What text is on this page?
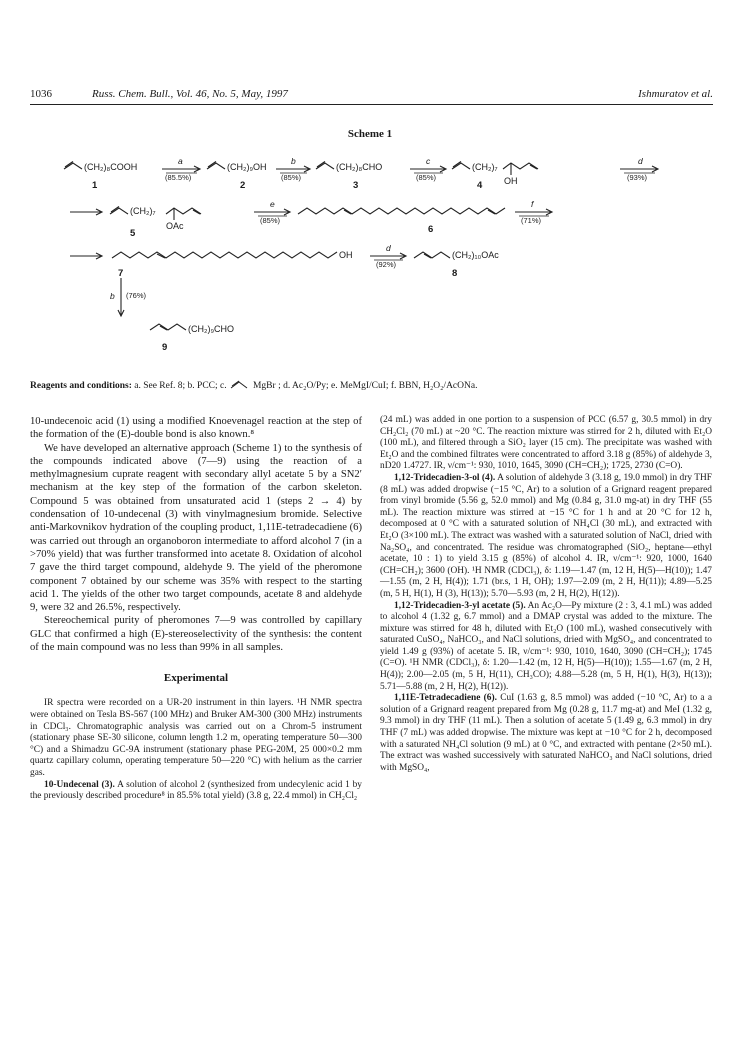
1036	Russ. Chem. Bull., Vol. 46, No. 5, May, 1997	Ishmuratov et al.
Scheme 1
(CH₂)₈COOH
1
a
(85.5%)
(CH₂)₉OH
2
b
(85%)
(CH₂)₈CHO
3
c
(85%)
(CH₂)₇
OH
4
d
(93%)
(CH₂)₇
OAc
5
e
(85%)
6
f
(71%)
OH
7
d
(92%)
(CH₂)₁₀OAc
8
b (76%)
(CH₂)₉CHO
9
Reagents and conditions: a. See Ref. 8; b. PCC; c.	MgBr ; d. Ac₂O/Py; e. MeMgI/CuI; f. BBN, H₂O₂/AcONa.

10-undecenoic acid (1) using a modified Knoevenagel reaction at the step of the formation of the (E)-double bond is also known.⁸

We have developed an alternative approach (Scheme 1) to the synthesis of the compounds indicated above (7—9) using the reaction of a methylmagnesium cuprate reagent with secondary allyl acetate 5 by a SN2′ mechanism at the key step of the formation of the carbon skeleton. Compound 5 was obtained from unsaturated acid 1 (steps 2 → 4) by condensation of 10-undecenal (3) with vinylmagnesium bromide. Selective anti-Markovnikov hydration of the coupling product, 1,11E-tetradecadiene (6) was carried out through an organoboron intermediate to afford alcohol 7 (in a >70% yield) that was further transformed into acetate 8. Oxidation of alcohol 7 gave the third target compound, aldehyde 9. The yield of the pheromone component 7 obtained by our scheme was 35% with respect to the starting acid 1. The yields of the other two target compounds, acetate 8 and aldehyde 9, were 32 and 26.5%, respectively.

Stereochemical purity of pheromones 7—9 was controlled by capillary GLC that confirmed a high (E)-stereoselectivity of the synthesis: the content of the main compound was no less than 99% in all samples.

Experimental

IR spectra were recorded on a UR-20 instrument in thin layers. ¹H NMR spectra were obtained on Tesla BS-567 (100 MHz) and Bruker AM-300 (300 MHz) instruments in CDCl₃. Chromatographic analysis was carried out on a Chrom-5 instrument (stationary phase SE-30 silicone, column length 1.2 m, operating temperature 50—300 °C) and a Shimadzu GC-9A instrument (stationary phase PEG-20M, 25 000×0.2 mm quartz capillary column, operating temperature 50—220 °C) with helium as the carrier gas.

10-Undecenal (3). A solution of alcohol 2 (synthesized from undecylenic acid 1 by the previously described procedure⁸ in 85.5% total yield) (3.8 g, 22.4 mmol) in CH₂Cl₂

(24 mL) was added in one portion to a suspension of PCC (6.57 g, 30.5 mmol) in dry CH₂Cl₂ (70 mL) at ~20 °C. The reaction mixture was stirred for 2 h, diluted with Et₂O (100 mL), and filtered through a SiO₂ layer (15 cm). The precipitate was washed with Et₂O and the combined filtrates were concentrated to afford 3.18 g (85%) of aldehyde 3, nD20 1.4727. IR, ν/cm⁻¹: 930, 1010, 1645, 3090 (CH=CH₂); 1725, 2730 (C=O).

1,12-Tridecadien-3-ol (4). A solution of aldehyde 3 (3.18 g, 19.0 mmol) in dry THF (8 mL) was added dropwise (−15 °C, Ar) to a solution of a Grignard reagent prepared from vinyl bromide (5.56 g, 52.0 mmol) and Mg (0.84 g, 31.0 mg-at) in dry THF (55 mL). The reaction mixture was stirred at −15 °C for 1 h and at 20 °C for 12 h, decomposed at 0 °C with a saturated solution of NH₄Cl (30 mL), and extracted with Et₂O (3×100 mL). The extract was washed with a saturated solution of NaCl, dried with Na₂SO₄, and concentrated. The residue was chromatographed (SiO₂, heptane—ethyl acetate, 10 : 1) to yield 3.15 g (85%) of alcohol 4. IR, ν/cm⁻¹: 920, 1000, 1640 (CH=CH₂); 3600 (OH). ¹H NMR (CDCl₃), δ: 1.19—1.47 (m, 12 H, H(5)—H(10)); 1.47—1.55 (m, 2 H, H(4)); 1.71 (br.s, 1 H, OH); 1.97—2.09 (m, 2 H, H(11)); 4.89—5.25 (m, 5 H, H(1), H (3), H(13)); 5.70—5.93 (m, 2 H, H(2), H(12)).

1,12-Tridecadien-3-yl acetate (5). An Ac₂O—Py mixture (2 : 3, 4.1 mL) was added to alcohol 4 (1.32 g, 6.7 mmol) and a DMAP crystal was added to the mixture. The mixture was stirred for 48 h, diluted with Et₂O (100 mL), washed consecutively with saturated CuSO₄, NaHCO₃, and NaCl solutions, dried with MgSO₄, and concentrated to yield 1.49 g (93%) of acetate 5. IR, ν/cm⁻¹: 930, 1010, 1640, 3090 (CH=CH₂); 1745 (C=O). ¹H NMR (CDCl₃), δ: 1.20—1.42 (m, 12 H, H(5)—H(10)); 1.55—1.67 (m, 2 H, H(4)); 2.00—2.05 (m, 5 H, H(11), CH₃CO); 4.88—5.28 (m, 5 H, H(1), H(3), H(13)); 5.71—5.88 (m, 2 H, H(2), H(12)).

1,11E-Tetradecadiene (6). CuI (1.63 g, 8.5 mmol) was added (−10 °C, Ar) to a a solution of a Grignard reagent prepared from Mg (0.28 g, 11.7 mg-at) and MeI (1.32 g, 9.3 mmol) in dry THF (11 mL). Then a solution of acetate 5 (1.49 g, 6.3 mmol) in dry THF (7 mL) was added dropwise. The mixture was kept at −10 °C for 2 h, decomposed with a saturated NH₄Cl solution (9 mL) at 0 °C, and extracted with pentane (2×50 mL). The extract was washed successively with saturated NaHCO₃ and NaCl solutions, dried with MgSO₄,
